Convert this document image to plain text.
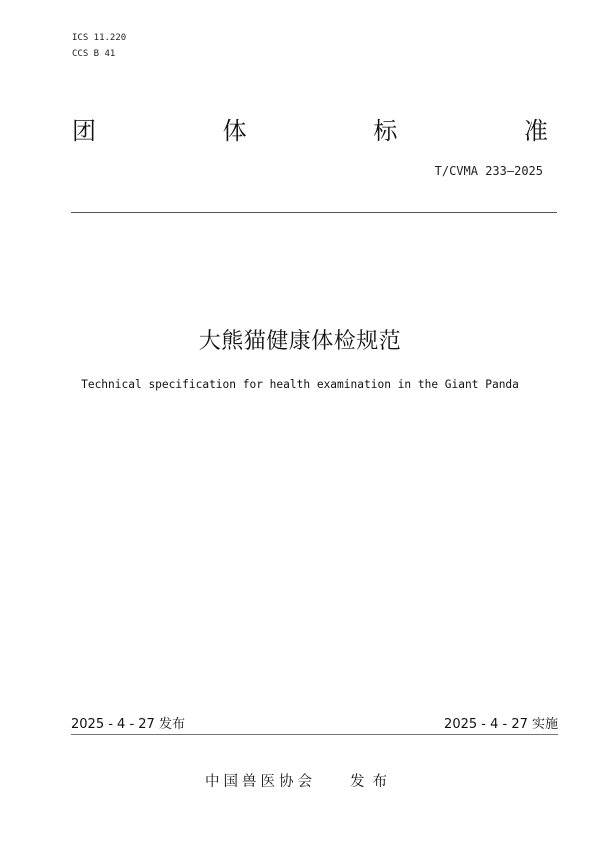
ICS 11.220
CCS B 41
团	体	标	准
T/CVMA 233—2025
大熊猫健康体检规范
Technical specification for health examination in the Giant Panda
2025 - 4 - 27 发布	2025 - 4 - 27 实施
中国兽医协会 发布
